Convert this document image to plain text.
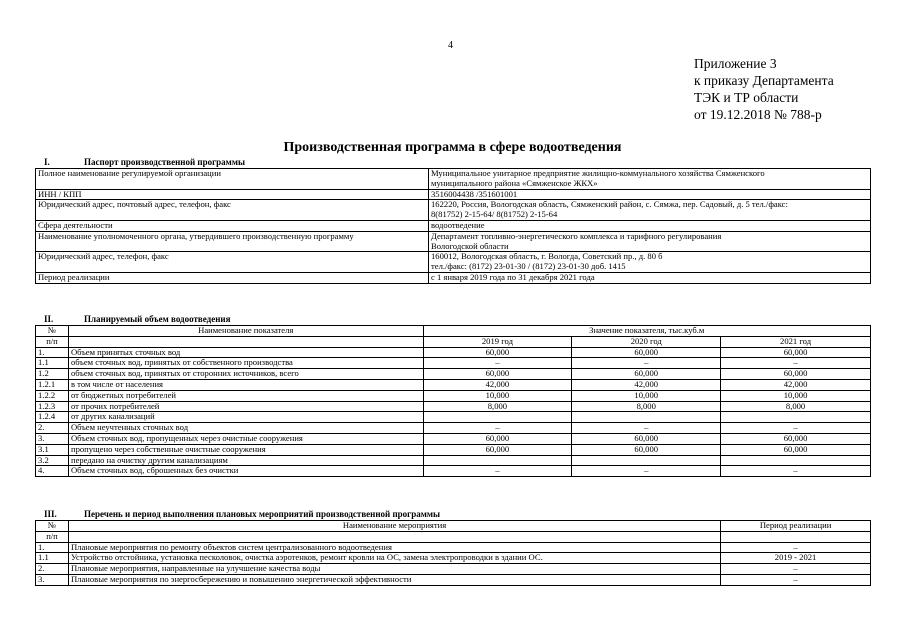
4
Приложение 3
к приказу Департамента
ТЭК и ТР области
от 19.12.2018 № 788-р
Производственная программа в сфере водоотведения
I.	Паспорт производственной программы
Полное наименование регулируемой организации	Муниципальное унитарное предприятие жилищно-коммунального хозяйства Сямженского
муниципального района «Сямженское ЖКХ»

ИНН / КПП	3516004438 /351601001

Юридический адрес, почтовый адрес, телефон, факс	162220, Россия, Вологодская область, Сямженский район, с. Сямжа, пер. Садовый, д. 5 тел./факс:
8(81752) 2-15-64/ 8(81752) 2-15-64

Сфера деятельности	водоотведение

Наименование уполномоченного органа, утвердившего производственную программу	Департамент топливно-энергетического комплекса и тарифного регулирования
Вологодской области

Юридический адрес, телефон, факс	160012, Вологодская область, г. Вологда, Советский пр., д. 80 б
тел./факс: (8172) 23-01-30 / (8172) 23-01-30 доб. 1415

Период реализации	с 1 января 2019 года по 31 декабря 2021 года
II.	Планируемый объем водоотведения
№	Наименование показателя	Значение показателя, тыс.куб.м		
п/п		2019 год	2020 год	2021 год
1.	Объем принятых сточных вод	60,000	60,000	60,000
1.1	объем сточных вод, принятых от собственного производства	–	–	–
1.2	объем сточных вод, принятых от сторонних источников, всего	60,000	60,000	60,000
1.2.1	в том числе от населения	42,000	42,000	42,000
1.2.2	от бюджетных потребителей	10,000	10,000	10,000
1.2.3	от прочих потребителей	8,000	8,000	8,000
1.2.4	от других канализаций			
2.	Объем неучтенных сточных вод	–	–	–
3.	Объем сточных вод, пропущенных через очистные сооружения	60,000	60,000	60,000
3.1	пропущено через собственные очистные сооружения	60,000	60,000	60,000
3.2	передано на очистку другим канализациям			
4.	Объем сточных вод, сброшенных без очистки	–	–	–
III.	Перечень и период выполнения плановых мероприятий производственной программы
№	Наименование мероприятия	Период реализации
п/п		
1.	Плановые мероприятия по ремонту объектов систем централизованного водоотведения	–
1.1	Устройство отстойника, установка песколовок, очистка аэротенков, ремонт кровли на ОС, замена электропроводки в здании ОС.	2019 - 2021
2.	Плановые мероприятия, направленные на улучшение качества воды	–
3.	Плановые мероприятия по энергосбережению и повышению энергетической эффективности	–
